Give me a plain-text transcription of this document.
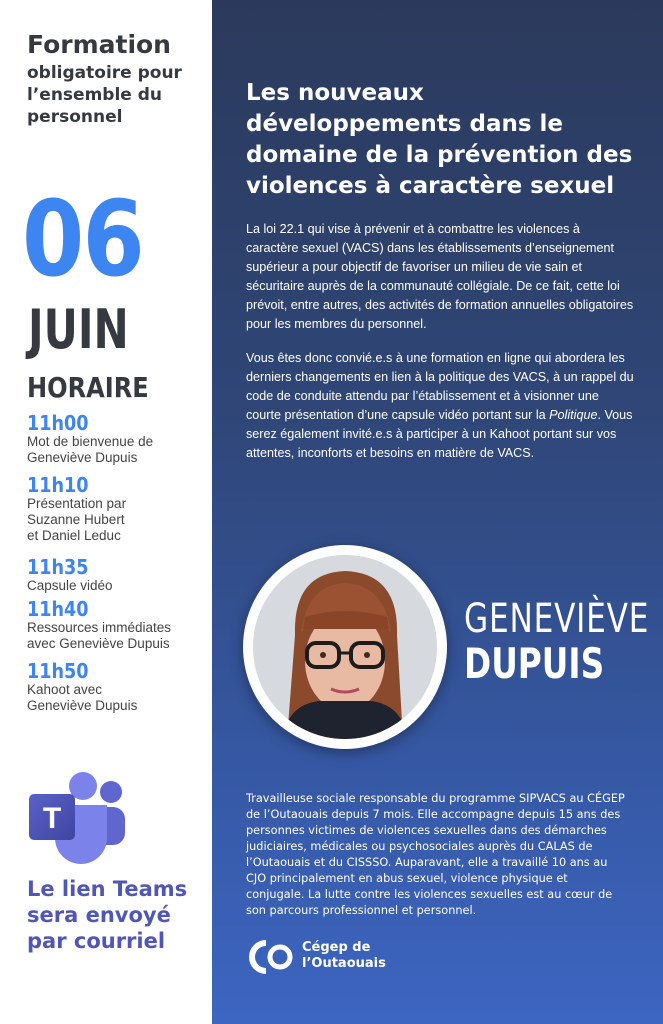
Formation
obligatoire pour l’ensemble du personnel
06
JUIN
HORAIRE
11h00
Mot de bienvenue de Geneviève Dupuis
11h10
Présentation par Suzanne Hubert et Daniel Leduc
11h35
Capsule vidéo
11h40
Ressources immédiates avec Geneviève Dupuis
11h50
Kahoot avec Geneviève Dupuis
T
Le lien Teams sera envoyé par courriel
Les nouveaux développements dans le domaine de la prévention des violences à caractère sexuel
La loi 22.1 qui vise à prévenir et à combattre les violences à caractère sexuel (VACS) dans les établissements d’enseignement supérieur a pour objectif de favoriser un milieu de vie sain et sécuritaire auprès de la communauté collégiale. De ce fait, cette loi prévoit, entre autres, des activités de formation annuelles obligatoires pour les membres du personnel.
Vous êtes donc convié.e.s à une formation en ligne qui abordera les derniers changements en lien à la politique des VACS, à un rappel du code de conduite attendu par l’établissement et à visionner une courte présentation d’une capsule vidéo portant sur la Politique. Vous serez également invité.e.s à participer à un Kahoot portant sur vos attentes, inconforts et besoins en matière de VACS.
GENEVIÈVE
DUPUIS
Travailleuse sociale responsable du programme SIPVACS au CÉGEP de l’Outaouais depuis 7 mois. Elle accompagne depuis 15 ans des personnes victimes de violences sexuelles dans des démarches judiciaires, médicales ou psychosociales auprès du CALAS de l’Outaouais et du CISSSO. Auparavant, elle a travaillé 10 ans au CJO principalement en abus sexuel, violence physique et conjugale. La lutte contre les violences sexuelles est au cœur de son parcours professionnel et personnel.
Cégep de
l’Outaouais
